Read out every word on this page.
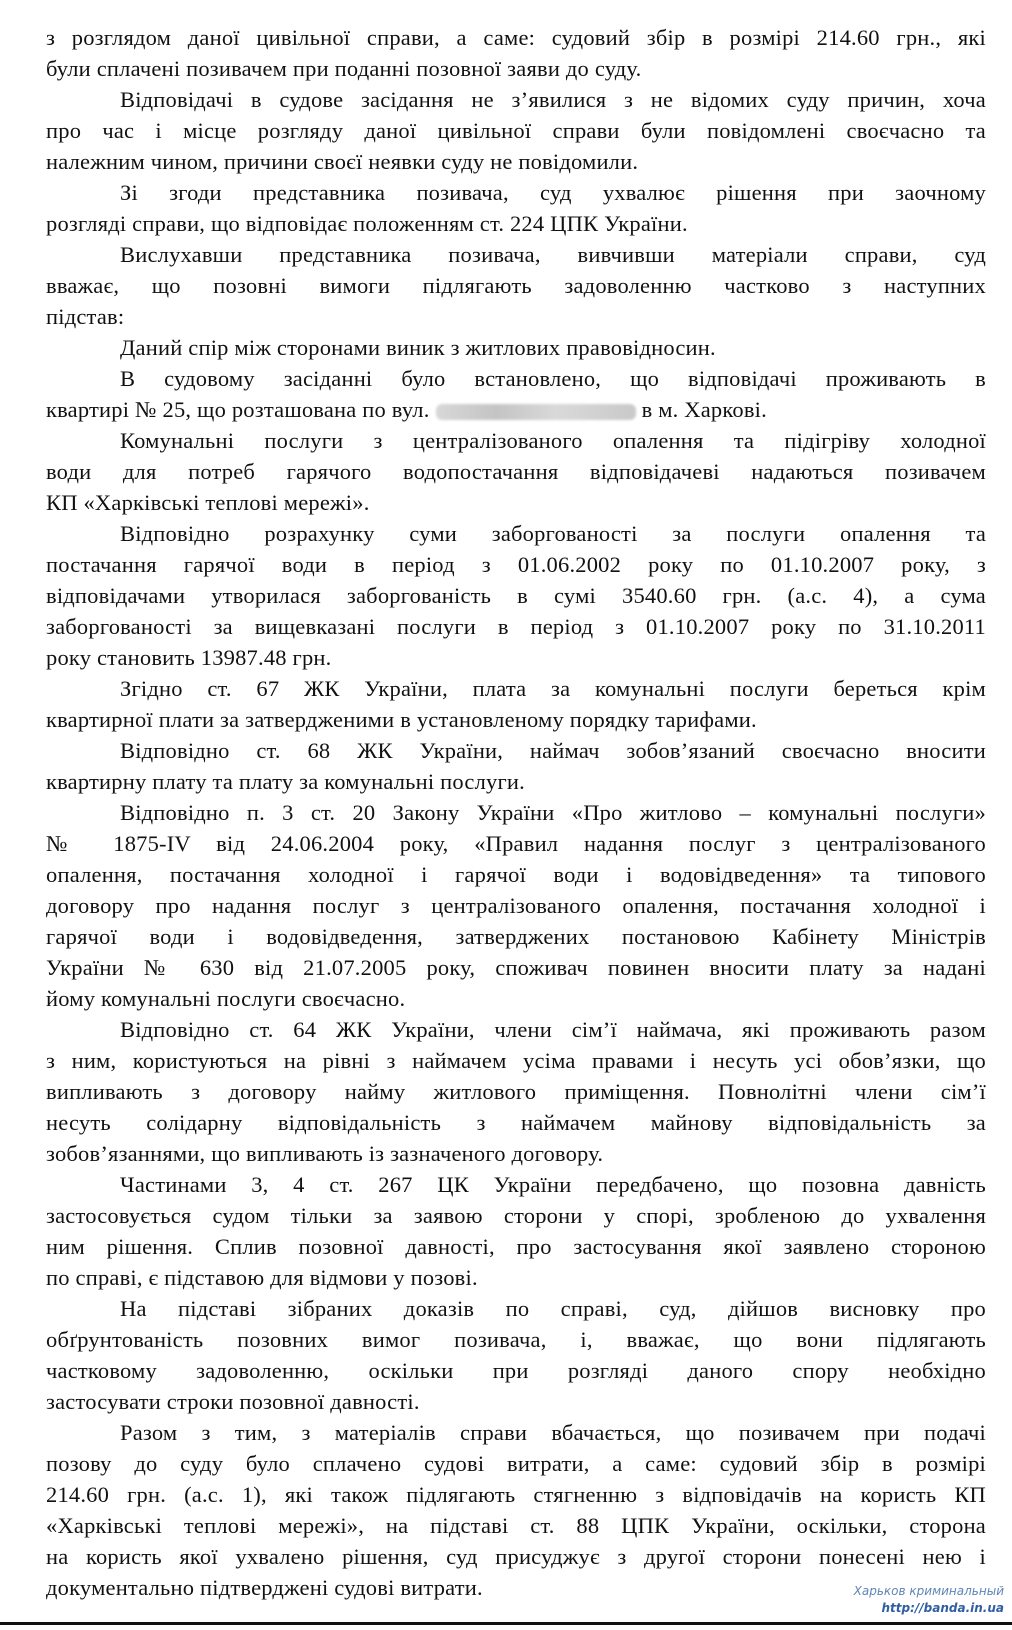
з розглядом даної цивільної справи, а саме: судовий збір в розмірі 214.60 грн., які
були сплачені позивачем при поданні позовної заяви до суду.
Відповідачі в судове засідання не з’явилися з не відомих суду причин, хоча
про час і місце розгляду даної цивільної справи були повідомлені своєчасно та
належним чином, причини своєї неявки суду не повідомили.
Зі згоди представника позивача, суд ухвалює рішення при заочному
розгляді справи, що відповідає положенням ст. 224 ЦПК України.
Вислухавши представника позивача, вивчивши матеріали справи, суд
вважає, що позовні вимоги підлягають задоволенню частково з наступних
підстав:
Даний спір між сторонами виник з житлових правовідносин.
В судовому засіданні було встановлено, що відповідачі проживають в
квартирі № 25, що розташована по вул.	в м. Харкові.
Комунальні послуги з централізованого опалення та підігріву холодної
води для потреб гарячого водопостачання відповідачеві надаються позивачем
КП «Харківські теплові мережі».
Відповідно розрахунку суми заборгованості за послуги опалення та
постачання гарячої води в період з 01.06.2002 року по 01.10.2007 року, з
відповідачами утворилася заборгованість в сумі 3540.60 грн. (а.с. 4), а сума
заборгованості за вищевказані послуги в період з 01.10.2007 року по 31.10.2011
року становить 13987.48 грн.
Згідно ст. 67 ЖК України, плата за комунальні послуги береться крім
квартирної плати за затвердженими в установленому порядку тарифами.
Відповідно ст. 68 ЖК України, наймач зобов’язаний своєчасно вносити
квартирну плату та плату за комунальні послуги.
Відповідно п. 3 ст. 20 Закону України «Про житлово – комунальні послуги»
№ 1875-IV від 24.06.2004 року, «Правил надання послуг з централізованого
опалення, постачання холодної і гарячої води і водовідведення» та типового
договору про надання послуг з централізованого опалення, постачання холодної і
гарячої води і водовідведення, затверджених постановою Кабінету Міністрів
України № 630 від 21.07.2005 року, споживач повинен вносити плату за надані
йому комунальні послуги своєчасно.
Відповідно ст. 64 ЖК України, члени сім’ї наймача, які проживають разом
з ним, користуються на рівні з наймачем усіма правами і несуть усі обов’язки, що
випливають з договору найму житлового приміщення. Повнолітні члени сім’ї
несуть солідарну відповідальність з наймачем майнову відповідальність за
зобов’язаннями, що випливають із зазначеного договору.
Частинами 3, 4 ст. 267 ЦК України передбачено, що позовна давність
застосовується судом тільки за заявою сторони у спорі, зробленою до ухвалення
ним рішення. Сплив позовної давності, про застосування якої заявлено стороною
по справі, є підставою для відмови у позові.
На підставі зібраних доказів по справі, суд, дійшов висновку про
обґрунтованість позовних вимог позивача, і, вважає, що вони підлягають
частковому задоволенню, оскільки при розгляді даного спору необхідно
застосувати строки позовної давності.
Разом з тим, з матеріалів справи вбачається, що позивачем при подачі
позову до суду було сплачено судові витрати, а саме: судовий збір в розмірі
214.60 грн. (а.с. 1), які також підлягають стягненню з відповідачів на користь КП
«Харківські теплові мережі», на підставі ст. 88 ЦПК України, оскільки, сторона
на користь якої ухвалено рішення, суд присуджує з другої сторони понесені нею і
документально підтверджені судові витрати.	Харьков криминальный
http://banda.in.ua
